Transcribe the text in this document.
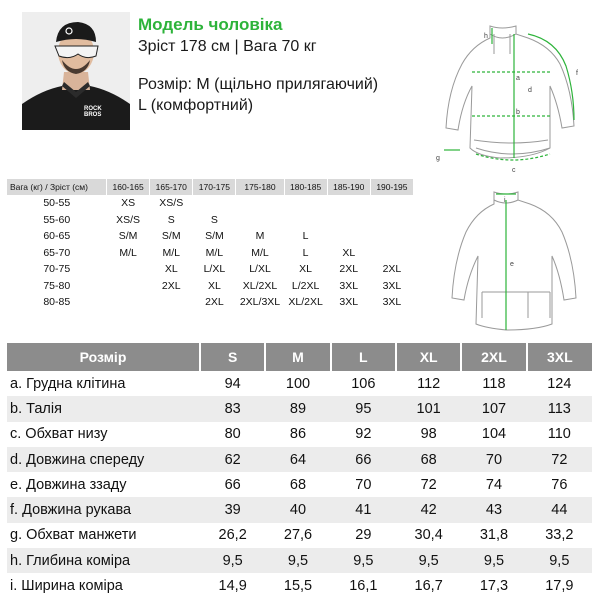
ROCK BROS
Модель чоловіка
Зріст 178 см | Вага 70 кг
Розмір: M (щільно прилягаючий)
L (комфортний)
h
a
b
d
f
g
c
i
e
Вага (кг) / Зріст (см)	160-165	165-170	170-175	175-180	180-185	185-190	190-195
50-55	XS	XS/S					
55-60	XS/S	S	S				
60-65	S/M	S/M	S/M	M	L		
65-70	M/L	M/L	M/L	M/L	L	XL	
70-75		XL	L/XL	L/XL	XL	2XL	2XL
75-80		2XL	XL	XL/2XL	L/2XL	3XL	3XL
80-85			2XL	2XL/3XL	XL/2XL	3XL	3XL
Розмір	S	M	L	XL	2XL	3XL
a. Грудна клітина	94	100	106	112	118	124
b. Талія	83	89	95	101	107	113
c. Обхват низу	80	86	92	98	104	110
d. Довжина спереду	62	64	66	68	70	72
e. Довжина ззаду	66	68	70	72	74	76
f. Довжина рукава	39	40	41	42	43	44
g. Обхват манжети	26,2	27,6	29	30,4	31,8	33,2
h. Глибина коміра	9,5	9,5	9,5	9,5	9,5	9,5
i. Ширина коміра	14,9	15,5	16,1	16,7	17,3	17,9
